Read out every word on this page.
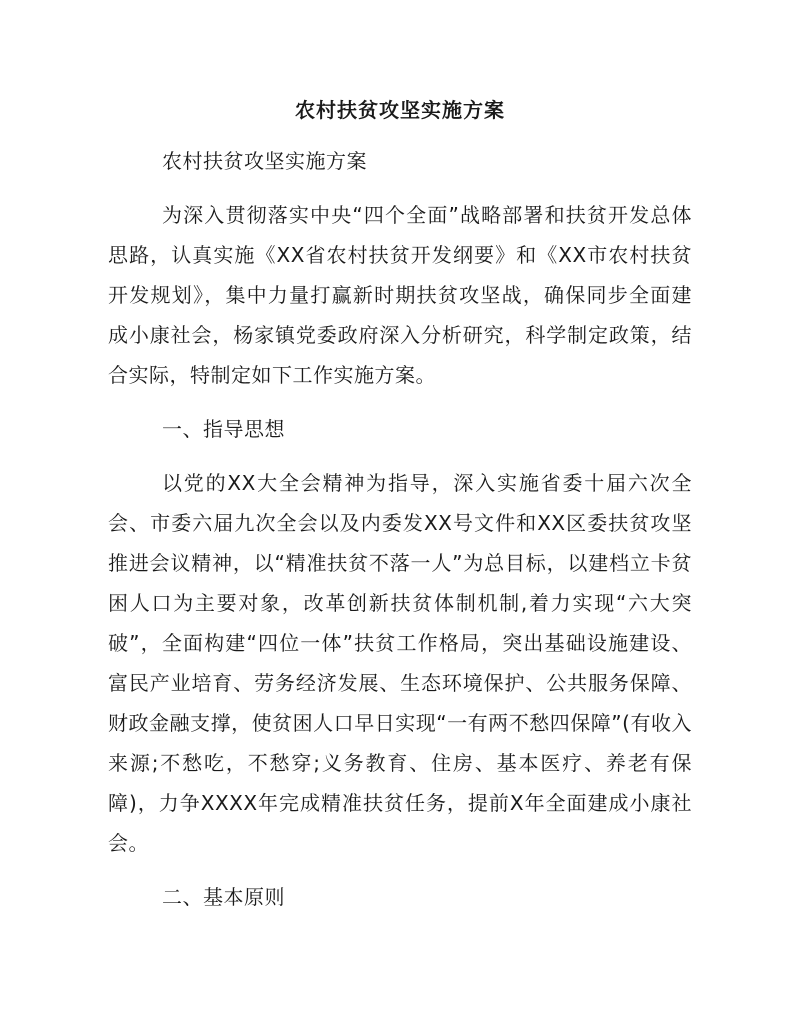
农村扶贫攻坚实施方案

农村扶贫攻坚实施方案

为深入贯彻落实中央“四个全面”战略部署和扶贫开发总体思路，认真实施《XX省农村扶贫开发纲要》和《XX市农村扶贫开发规划》，集中力量打赢新时期扶贫攻坚战，确保同步全面建成小康社会，杨家镇党委政府深入分析研究，科学制定政策，结合实际，特制定如下工作实施方案。

一、指导思想

以党的XX大全会精神为指导，深入实施省委十届六次全会、市委六届九次全会以及内委发XX号文件和XX区委扶贫攻坚推进会议精神，以“精准扶贫不落一人”为总目标，以建档立卡贫困人口为主要对象，改革创新扶贫体制机制,着力实现“六大突破”，全面构建“四位一体”扶贫工作格局，突出基础设施建设、富民产业培育、劳务经济发展、生态环境保护、公共服务保障、财政金融支撑，使贫困人口早日实现“一有两不愁四保障”(有收入来源;不愁吃，不愁穿;义务教育、住房、基本医疗、养老有保障)，力争XXXX年完成精准扶贫任务，提前X年全面建成小康社会。

二、基本原则
